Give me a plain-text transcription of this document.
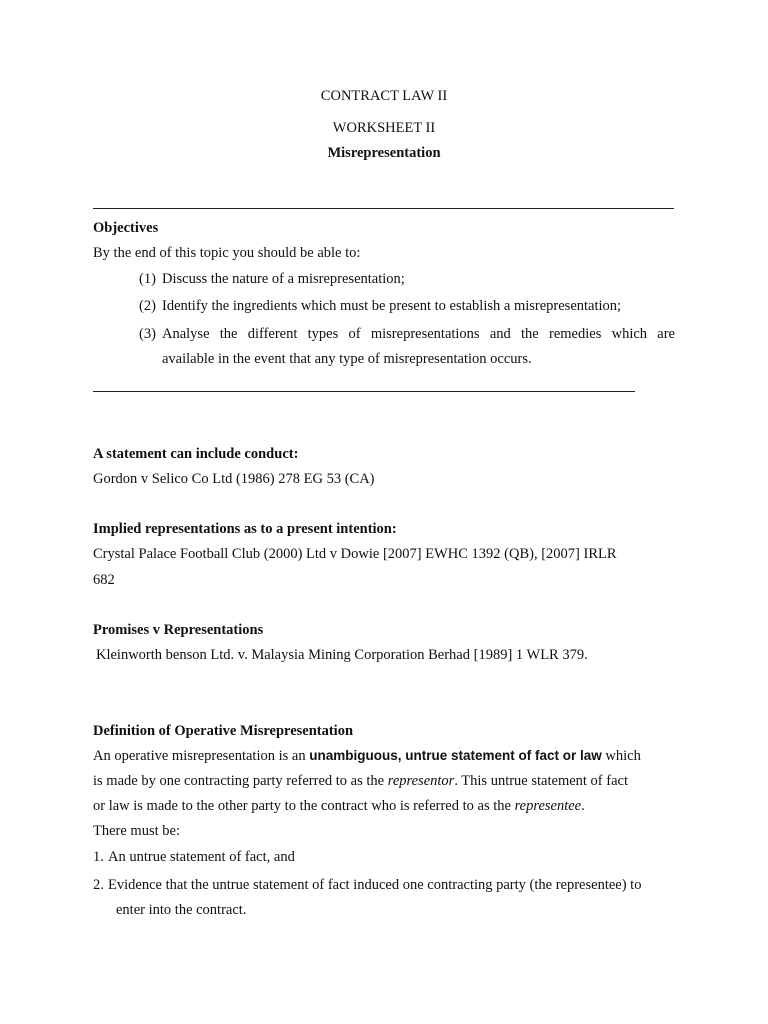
CONTRACT LAW II
WORKSHEET II
Misrepresentation
Objectives
By the end of this topic you should be able to:
(1) Discuss the nature of a misrepresentation;
(2) Identify the ingredients which must be present to establish a misrepresentation;
(3) Analyse the different types of misrepresentations and the remedies which are
available in the event that any type of misrepresentation occurs.
A statement can include conduct:
Gordon v Selico Co Ltd (1986) 278 EG 53 (CA)
Implied representations as to a present intention:
Crystal Palace Football Club (2000) Ltd v Dowie [2007] EWHC 1392 (QB), [2007] IRLR
682
Promises v Representations
Kleinworth benson Ltd. v. Malaysia Mining Corporation Berhad [1989] 1 WLR 379.
Definition of Operative Misrepresentation
An operative misrepresentation is an unambiguous, untrue statement of fact or law which
is made by one contracting party referred to as the representor. This untrue statement of fact
or law is made to the other party to the contract who is referred to as the representee.
There must be:
1. An untrue statement of fact, and
2. Evidence that the untrue statement of fact induced one contracting party (the representee) to
enter into the contract.
